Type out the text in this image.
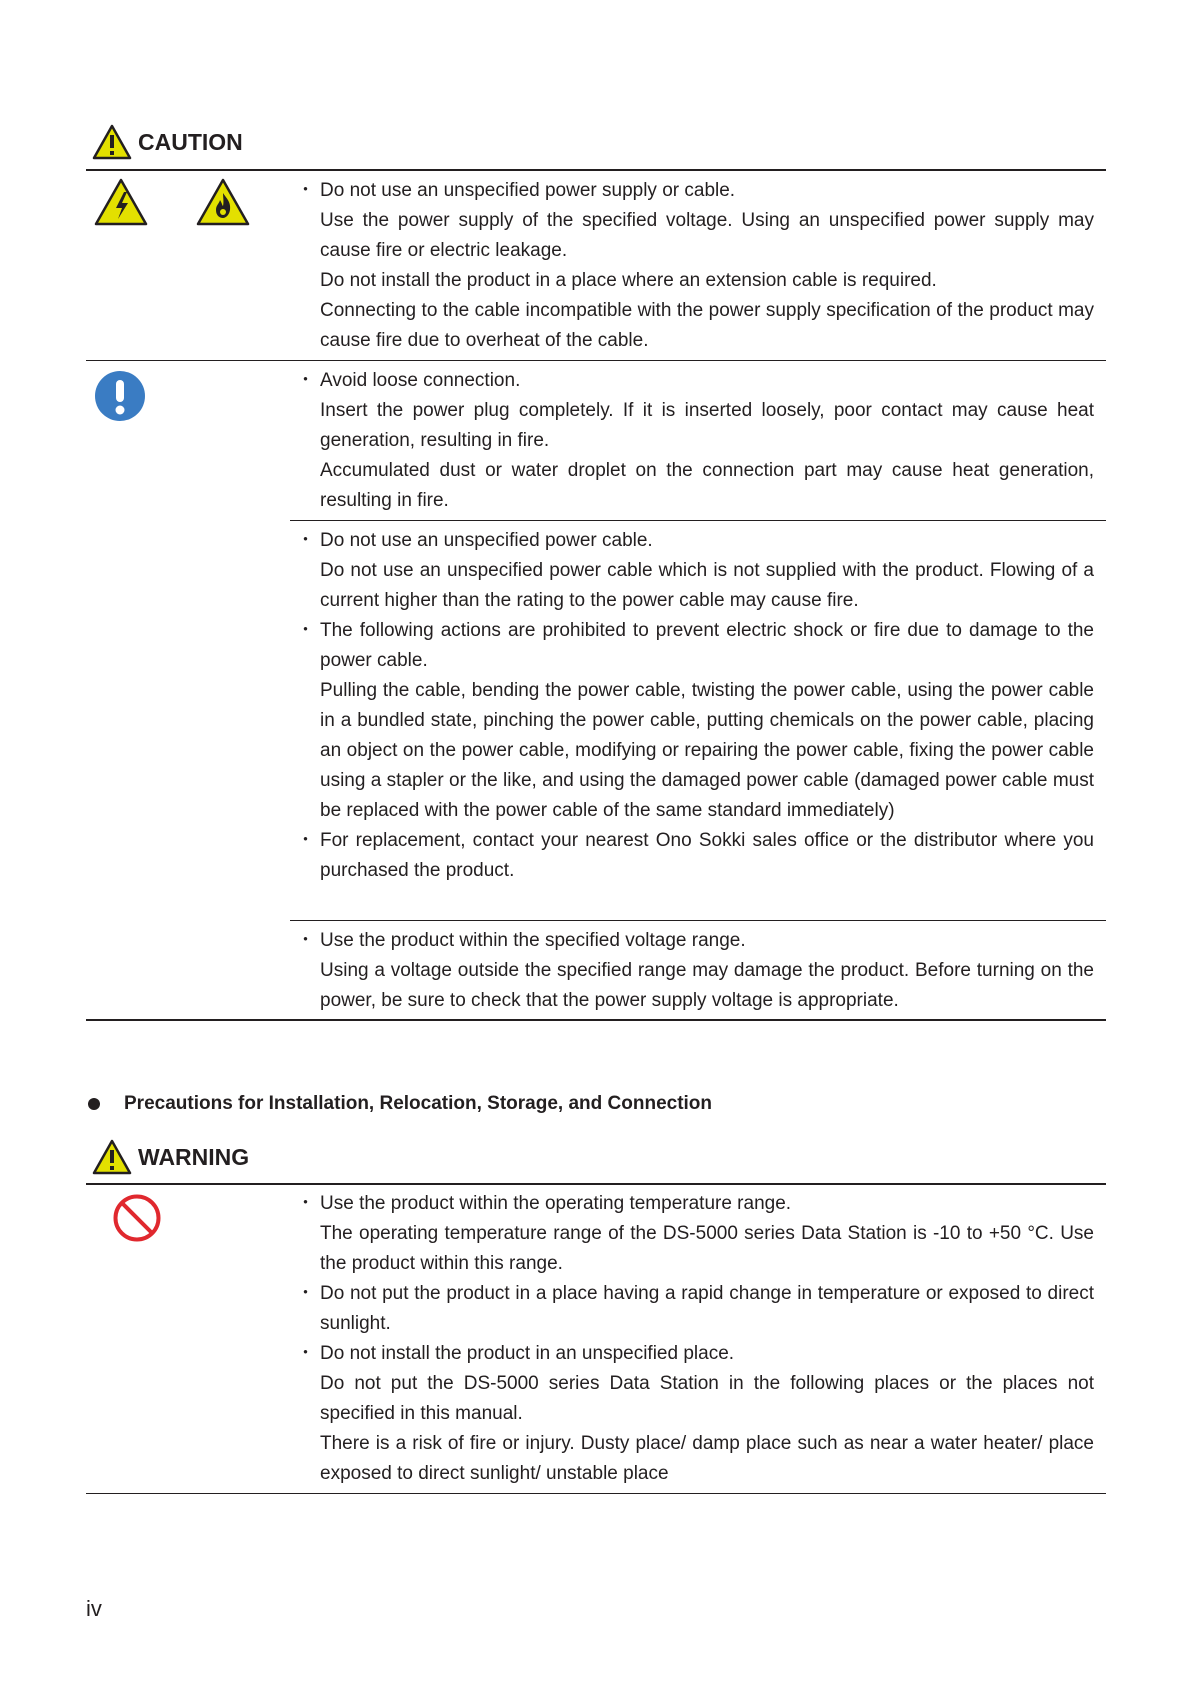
CAUTION

・ Do not use an unspecified power supply or cable.

Use the power supply of the specified voltage. Using an unspecified power supply may cause fire or electric leakage.

Do not install the product in a place where an extension cable is required.

Connecting to the cable incompatible with the power supply specification of the product may cause fire due to overheat of the cable.

・ Avoid loose connection.

Insert the power plug completely. If it is inserted loosely, poor contact may cause heat generation, resulting in fire.

Accumulated dust or water droplet on the connection part may cause heat generation, resulting in fire.

・ Do not use an unspecified power cable.

Do not use an unspecified power cable which is not supplied with the product. Flowing of a current higher than the rating to the power cable may cause fire.

・ The following actions are prohibited to prevent electric shock or fire due to damage to the power cable.

Pulling the cable, bending the power cable, twisting the power cable, using the power cable in a bundled state, pinching the power cable, putting chemicals on the power cable, placing an object on the power cable, modifying or repairing the power cable, fixing the power cable using a stapler or the like, and using the damaged power cable (damaged power cable must be replaced with the power cable of the same standard immediately)

・ For replacement, contact your nearest Ono Sokki sales office or the distributor where you purchased the product.

・ Use the product within the specified voltage range.

Using a voltage outside the specified range may damage the product. Before turning on the power, be sure to check that the power supply voltage is appropriate.

Precautions for Installation, Relocation, Storage, and Connection
WARNING

・ Use the product within the operating temperature range.

The operating temperature range of the DS-5000 series Data Station is -10 to +50 °C. Use the product within this range.

・ Do not put the product in a place having a rapid change in temperature or exposed to direct sunlight.

・ Do not install the product in an unspecified place.

Do not put the DS-5000 series Data Station in the following places or the places not specified in this manual.

There is a risk of fire or injury. Dusty place/ damp place such as near a water heater/ place exposed to direct sunlight/ unstable place

iv
